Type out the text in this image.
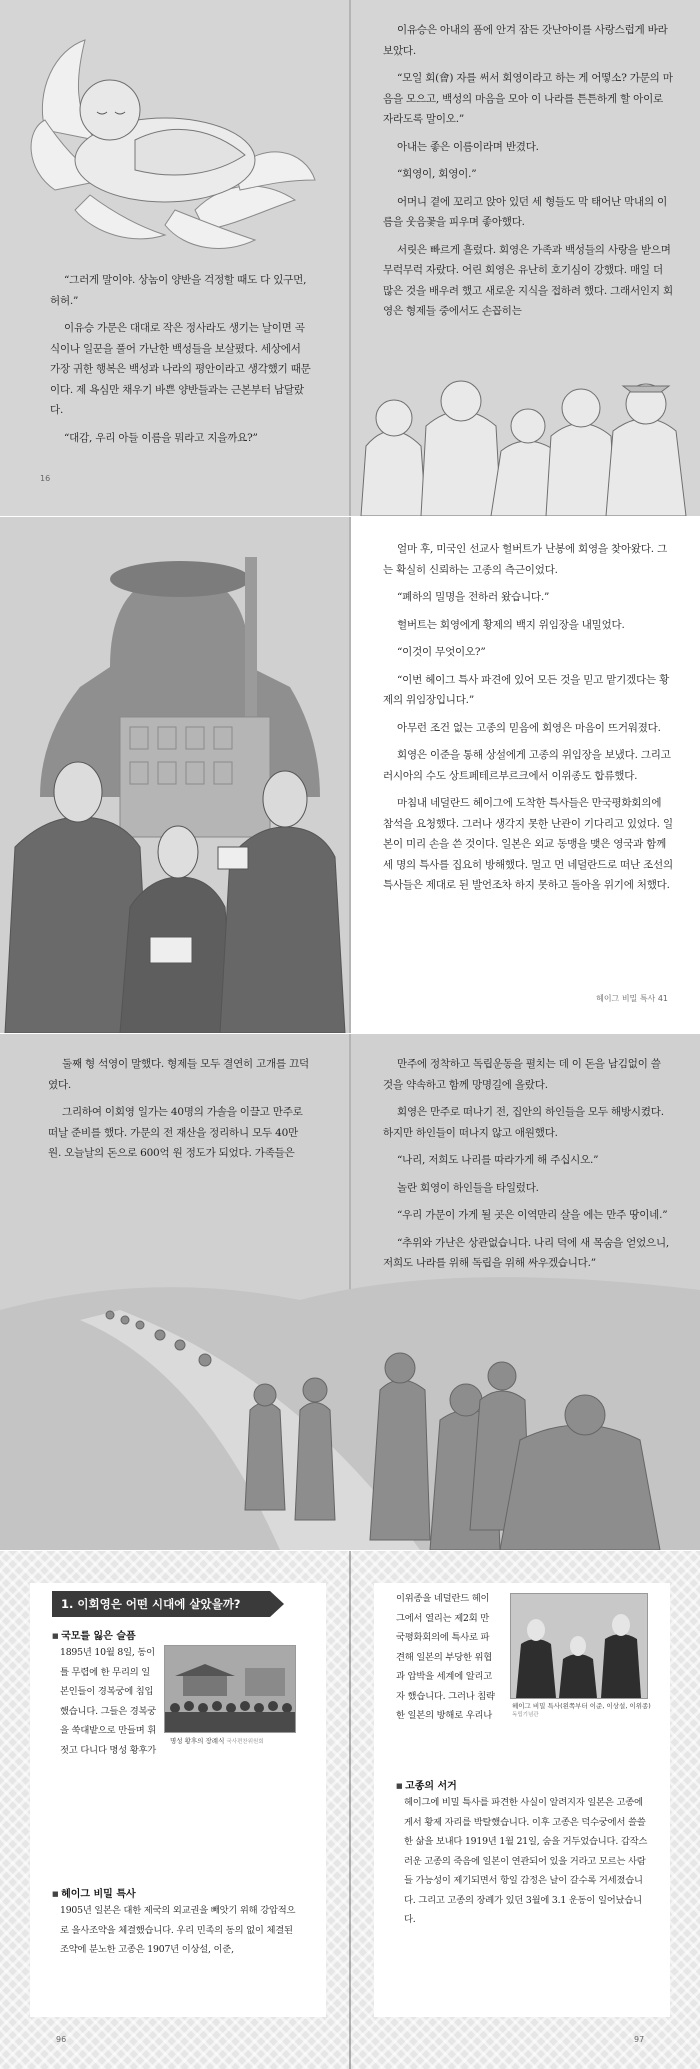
“그러게 말이야. 상놈이 양반을 걱정할 때도 다 있구먼, 허허.”

이유승 가문은 대대로 작은 정사라도 생기는 날이면 곡식이나 일꾼을 풀어 가난한 백성들을 보살폈다. 세상에서 가장 귀한 행복은 백성과 나라의 평안이라고 생각했기 때문이다. 제 욕심만 채우기 바쁜 양반들과는 근본부터 남달랐다.

“대감, 우리 아들 이름을 뭐라고 지을까요?”

16

이유승은 아내의 품에 안겨 잠든 갓난아이를 사랑스럽게 바라보았다.

“모일 회(會) 자를 써서 회영이라고 하는 게 어떻소? 가문의 마음을 모으고, 백성의 마음을 모아 이 나라를 튼튼하게 할 아이로 자라도록 말이오.”

아내는 좋은 이름이라며 반겼다.

“회영이, 회영이.”

어머니 곁에 꼬리고 앉아 있던 세 형들도 막 태어난 막내의 이름을 웃음꽃을 피우며 좋아했다.

서릿은 빠르게 흘렀다. 회영은 가족과 백성들의 사랑을 받으며 무럭무럭 자랐다. 어린 회영은 유난히 호기심이 강했다. 매일 더 많은 것을 배우려 했고 새로운 지식을 접하려 했다. 그래서인지 회영은 형제들 중에서도 손꼽히는

얼마 후, 미국인 선교사 헐버트가 난봉에 회영을 찾아왔다. 그는 확실히 신뢰하는 고종의 측근이었다.

“폐하의 밀명을 전하러 왔습니다.”

헐버트는 회영에게 황제의 백지 위임장을 내밀었다.

“이것이 무엇이오?”

“이번 헤이그 특사 파견에 있어 모든 것을 믿고 맡기겠다는 황제의 위임장입니다.”

아무런 조건 없는 고종의 믿음에 회영은 마음이 뜨거워졌다.

회영은 이준을 통해 상설에게 고종의 위임장을 보냈다. 그리고 러시아의 수도 상트페테르부르크에서 이위종도 합류했다.

마침내 네덜란드 헤이그에 도착한 특사들은 만국평화회의에 참석을 요청했다. 그러나 생각지 못한 난관이 기다리고 있었다. 일본이 미리 손을 쓴 것이다. 일본은 외교 동맹을 맺은 영국과 함께 세 명의 특사를 집요히 방해했다. 멀고 먼 네덜란드로 떠난 조선의 특사들은 제대로 된 발언조차 하지 못하고 돌아올 위기에 처했다.

헤이그 비밀 특사 41

둘째 형 석영이 말했다. 형제들 모두 결연히 고개를 끄덕였다.

그리하여 이회영 일가는 40명의 가솔을 이끌고 만주로 떠날 준비를 했다. 가문의 전 재산을 정리하니 모두 40만 원. 오늘날의 돈으로 600억 원 정도가 되었다. 가족들은

만주에 정착하고 독립운동을 펼치는 데 이 돈을 남김없이 쓸 것을 약속하고 함께 망명길에 올랐다.

회영은 만주로 떠나기 전, 집안의 하인들을 모두 해방시켰다. 하지만 하인들이 떠나지 않고 애원했다.

“나리, 저희도 나리를 따라가게 해 주십시오.”

놀란 회영이 하인들을 타일렀다.

“우리 가문이 가게 될 곳은 이역만리 살을 에는 만주 땅이네.”

“추위와 가난은 상관없습니다. 나리 덕에 새 목숨을 얻었으니, 저희도 나라를 위해 독립을 위해 싸우겠습니다.”

1. 이회영은 어떤 시대에 살았을까?
■ 국모를 잃은 슬픔
1895년 10월 8일, 동이 틀 무렵에 한 무리의 일본인들이 경복궁에 침입했습니다. 그들은 경복궁을 쑥대밭으로 만들며 휘젓고 다니다 명성 황후가
명성 황후의 장례식 국사편찬위원회
■ 헤이그 비밀 특사
1905년 일본은 대한 제국의 외교권을 빼앗기 위해 강압적으로 을사조약을 체결했습니다. 우리 민족의 동의 없이 체결된 조약에 분노한 고종은 1907년 이상설, 이준,
96
이위종을 네덜란드 헤이그에서 열리는 제2회 만국평화회의에 특사로 파견해 일본의 부당한 위협과 압박을 세계에 알리고자 했습니다. 그러나 침략한 일본의 방해로 우리나
헤이그 비밀 특사(왼쪽부터 이준, 이상설, 이위종) 독립기념관
■ 고종의 서거
헤이그에 비밀 특사를 파견한 사실이 알려지자 일본은 고종에게서 황제 자리를 박탈했습니다. 이후 고종은 덕수궁에서 쓸쓸한 삶을 보내다 1919년 1월 21일, 숨을 거두었습니다. 갑작스러운 고종의 죽음에 일본이 연관되어 있을 거라고 모르는 사람들 가능성이 제기되면서 항일 감정은 날이 갈수록 거세졌습니다. 그리고 고종의 장례가 있던 3월에 3.1 운동이 일어났습니다.
97
